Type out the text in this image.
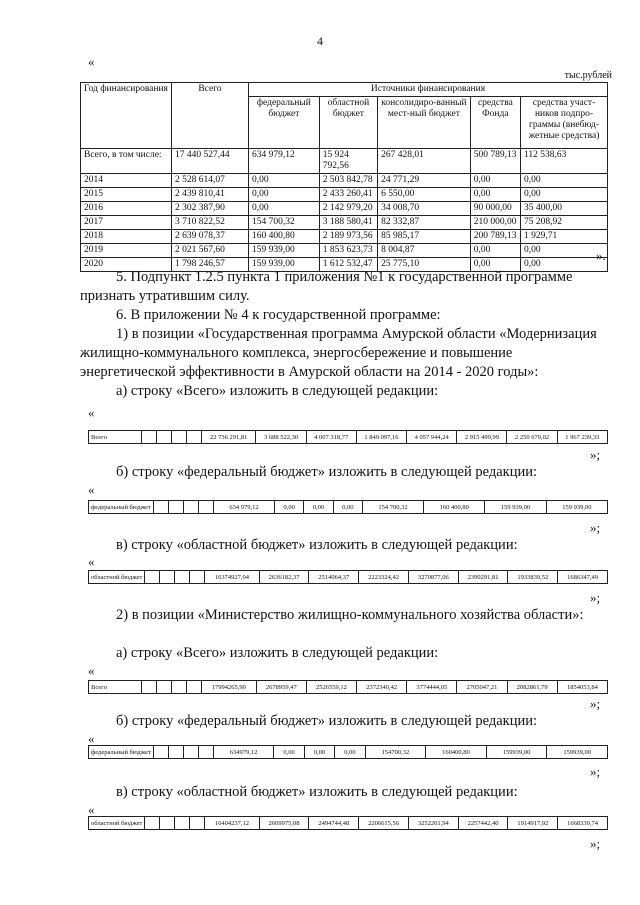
4
«
тыс.рублей
Год финансирования	Всего	Источники финансирования				
		федеральный бюджет	областной бюджет	консолидиро-ванный мест-ный бюджет	средства Фонда	средства участ-ников подпро-граммы (внебюд-жетные средства)
Всего, в том числе:	17 440 527,44	634 979,12	15 924 792,56	267 428,01	500 789,13	112 538,63
2014	2 528 614,07	0,00	2 503 842,78	24 771,29	0,00	0,00
2015	2 439 810,41	0,00	2 433 260,41	6 550,00	0,00	0,00
2016	2 302 387,90	0,00	2 142 979,20	34 008,70	90 000,00	35 400,00
2017	3 710 822,52	154 700,32	3 188 580,41	82 332,87	210 000,00	75 208,92
2018	2 639 078,37	160 400,80	2 189 973,56	85 985,17	200 789,13	1 929,71
2019	2 021 567,60	159 939,00	1 853 623,73	8 004,87	0,00	0,00
2020	1 798 246,57	159 939,00	1 612 532,47	25 775,10	0,00	0,00
».
5. Подпункт 1.2.5 пункта 1 приложения №1 к государственной программе признать утратившим силу.
6. В приложении № 4 к государственной программе:
1) в позиции «Государственная программа Амурской области «Модернизация жилищно-коммунального комплекса, энергосбережение и повышение энергетической эффективности в Амурской области на 2014 - 2020 годы»:
а) строку «Всего» изложить в следующей редакции:
«
Всего					22 736 291,81	3 688 522,30	4 007 318,77	1 849 097,16	4 057 944,24	2 915 499,99	2 250 670,02	1 967 239,33
»;
б) строку «федеральный бюджет» изложить в следующей редакции:
«
федеральный бюджет					634 979,12	0,00	0,00	0,00	154 700,32	160 400,80	159 939,00	159 939,00
»;
в) строку «областной бюджет» изложить в следующей редакции:
«
областной бюджет					16374927,04	2636182,37	2514064,37	2223324,42	3270877,06	2390291,81	1933839,52	1686347,49
»;
2) в позиции «Министерство жилищно-коммунального хозяйства области»:
а) строку «Всего» изложить в следующей редакции:
«
Всего					17994265,90	2678959,47	2526559,12	2372340,42	3774444,05	2705047,21	2082861,79	1854053,84
»;
б) строку «федеральный бюджет» изложить в следующей редакции:
«
федеральный бюджет					634979,12	0,00	0,00	0,00	154700,32	160400,80	159939,00	159939,00
»;
в) строку «областной бюджет» изложить в следующей редакции:
«
областной бюджет					16404237,12	2609975,08	2494744,48	2206615,56	3252201,94	2257442,40	1914917,92	1668339,74
»;
